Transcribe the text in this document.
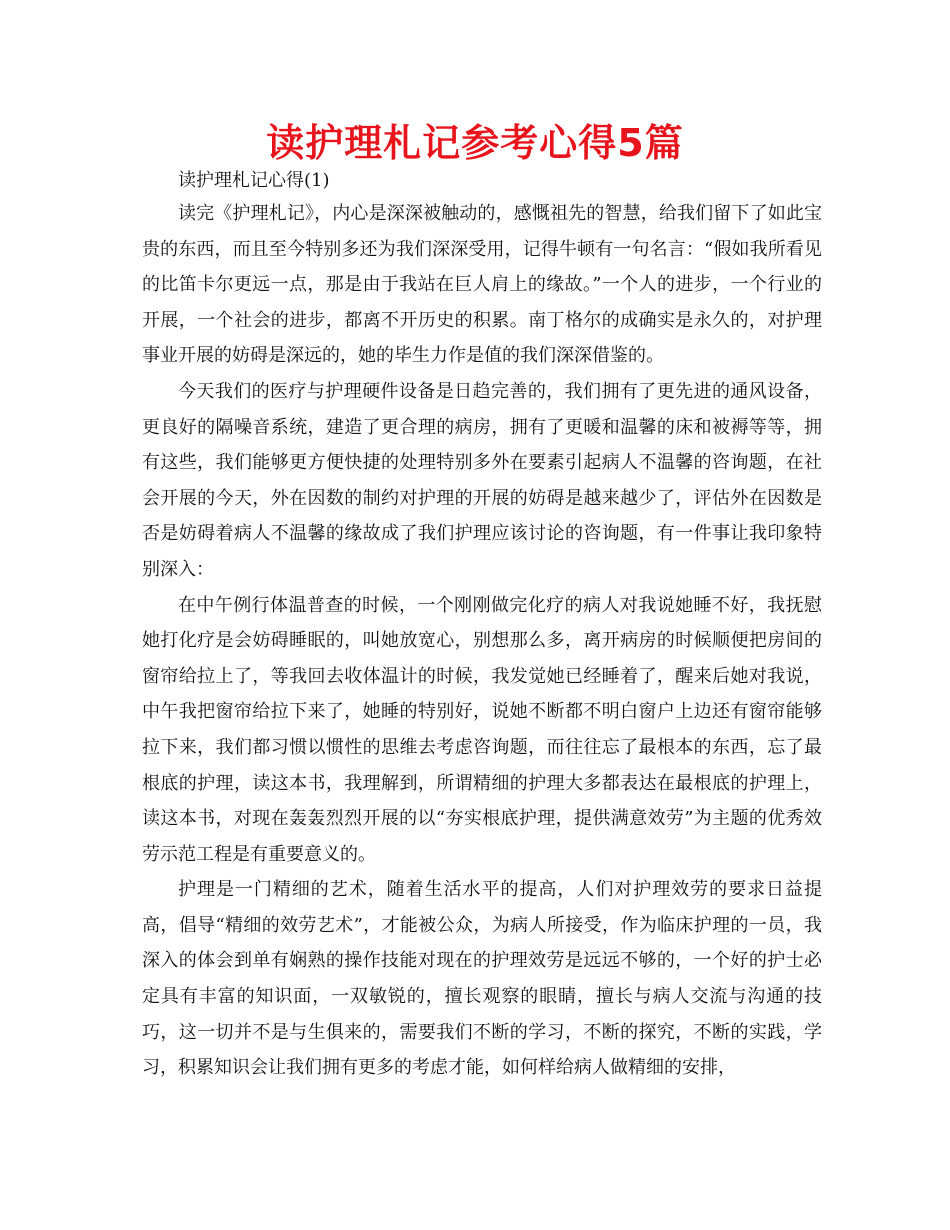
读护理札记参考心得5篇

读护理札记心得(1)

读完《护理札记》，内心是深深被触动的，感慨祖先的智慧，给我们留下了如此宝贵的东西，而且至今特别多还为我们深深受用，记得牛顿有一句名言：“假如我所看见的比笛卡尔更远一点，那是由于我站在巨人肩上的缘故。”一个人的进步，一个行业的开展，一个社会的进步，都离不开历史的积累。南丁格尔的成确实是永久的，对护理事业开展的妨碍是深远的，她的毕生力作是值的我们深深借鉴的。

今天我们的医疗与护理硬件设备是日趋完善的，我们拥有了更先进的通风设备，更良好的隔噪音系统，建造了更合理的病房，拥有了更暖和温馨的床和被褥等等，拥有这些，我们能够更方便快捷的处理特别多外在要素引起病人不温馨的咨询题，在社会开展的今天，外在因数的制约对护理的开展的妨碍是越来越少了，评估外在因数是否是妨碍着病人不温馨的缘故成了我们护理应该讨论的咨询题，有一件事让我印象特别深入：

在中午例行体温普查的时候，一个刚刚做完化疗的病人对我说她睡不好，我抚慰她打化疗是会妨碍睡眠的，叫她放宽心，别想那么多，离开病房的时候顺便把房间的窗帘给拉上了，等我回去收体温计的时候，我发觉她已经睡着了，醒来后她对我说，中午我把窗帘给拉下来了，她睡的特别好，说她不断都不明白窗户上边还有窗帘能够拉下来，我们都习惯以惯性的思维去考虑咨询题，而往往忘了最根本的东西，忘了最根底的护理，读这本书，我理解到，所谓精细的护理大多都表达在最根底的护理上，读这本书，对现在轰轰烈烈开展的以“夯实根底护理，提供满意效劳”为主题的优秀效劳示范工程是有重要意义的。

护理是一门精细的艺术，随着生活水平的提高，人们对护理效劳的要求日益提高，倡导“精细的效劳艺术”，才能被公众，为病人所接受，作为临床护理的一员，我深入的体会到单有娴熟的操作技能对现在的护理效劳是远远不够的，一个好的护士必定具有丰富的知识面，一双敏锐的，擅长观察的眼睛，擅长与病人交流与沟通的技巧，这一切并不是与生俱来的，需要我们不断的学习，不断的探究，不断的实践，学习，积累知识会让我们拥有更多的考虑才能，如何样给病人做精细的安排，
